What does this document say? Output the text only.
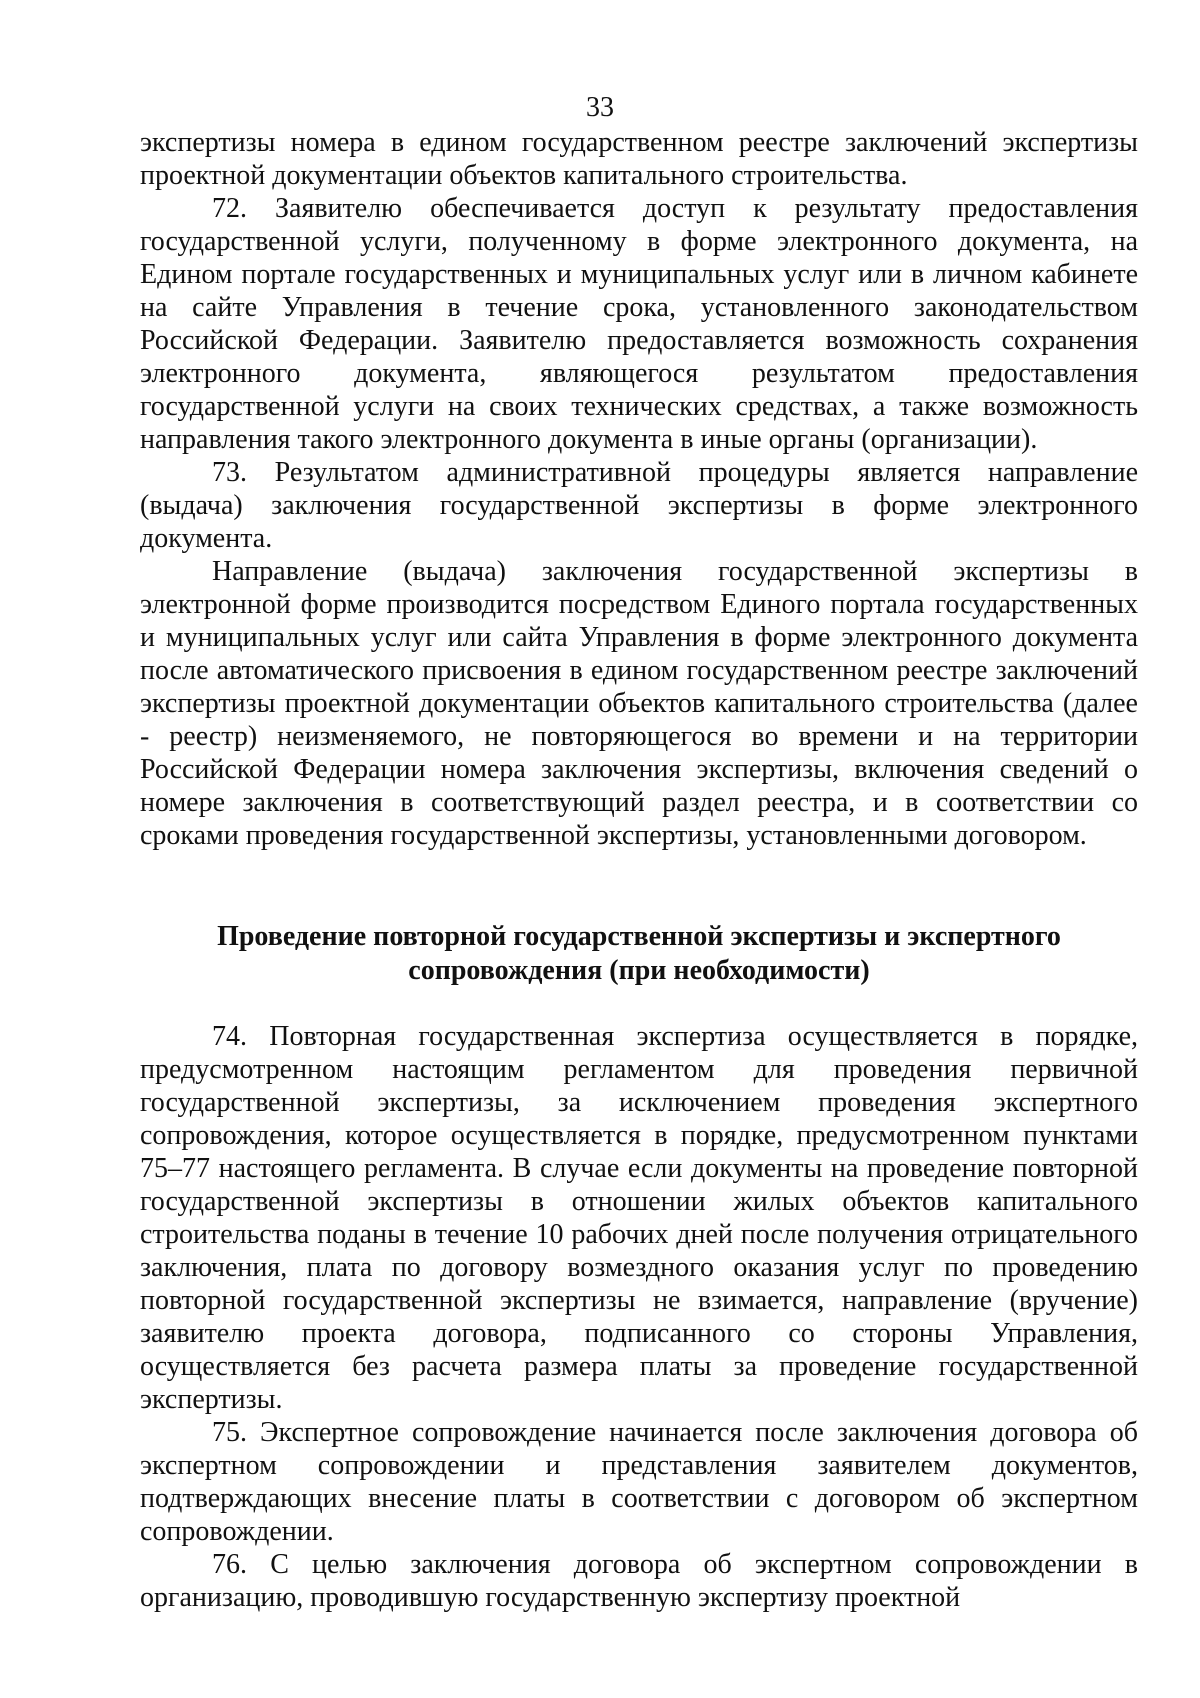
33

экспертизы номера в едином государственном реестре заключений экспертизы проектной документации объектов капитального строительства.

72. Заявителю обеспечивается доступ к результату предоставления государственной услуги, полученному в форме электронного документа, на Едином портале государственных и муниципальных услуг или в личном кабинете на сайте Управления в течение срока, установленного законодательством Российской Федерации. Заявителю предоставляется возможность сохранения электронного документа, являющегося результатом предоставления государственной услуги на своих технических средствах, а также возможность направления такого электронного документа в иные органы (организации).

73. Результатом административной процедуры является направление (выдача) заключения государственной экспертизы в форме электронного документа.

Направление (выдача) заключения государственной экспертизы в электронной форме производится посредством Единого портала государственных и муниципальных услуг или сайта Управления в форме электронного документа после автоматического присвоения в едином государственном реестре заключений экспертизы проектной документации объектов капитального строительства (далее - реестр) неизменяемого, не повторяющегося во времени и на территории Российской Федерации номера заключения экспертизы, включения сведений о номере заключения в соответствующий раздел реестра, и в соответствии со сроками проведения государственной экспертизы, установленными договором.

Проведение повторной государственной экспертизы и экспертного
сопровождения (при необходимости)

74. Повторная государственная экспертиза осуществляется в порядке, предусмотренном настоящим регламентом для проведения первичной государственной экспертизы, за исключением проведения экспертного сопровождения, которое осуществляется в порядке, предусмотренном пунктами 75–77 настоящего регламента. В случае если документы на проведение повторной государственной экспертизы в отношении жилых объектов капитального строительства поданы в течение 10 рабочих дней после получения отрицательного заключения, плата по договору возмездного оказания услуг по проведению повторной государственной экспертизы не взимается, направление (вручение) заявителю проекта договора, подписанного со стороны Управления, осуществляется без расчета размера платы за проведение государственной экспертизы.

75. Экспертное сопровождение начинается после заключения договора об экспертном сопровождении и представления заявителем документов, подтверждающих внесение платы в соответствии с договором об экспертном сопровождении.

76. С целью заключения договора об экспертном сопровождении в организацию, проводившую государственную экспертизу проектной
